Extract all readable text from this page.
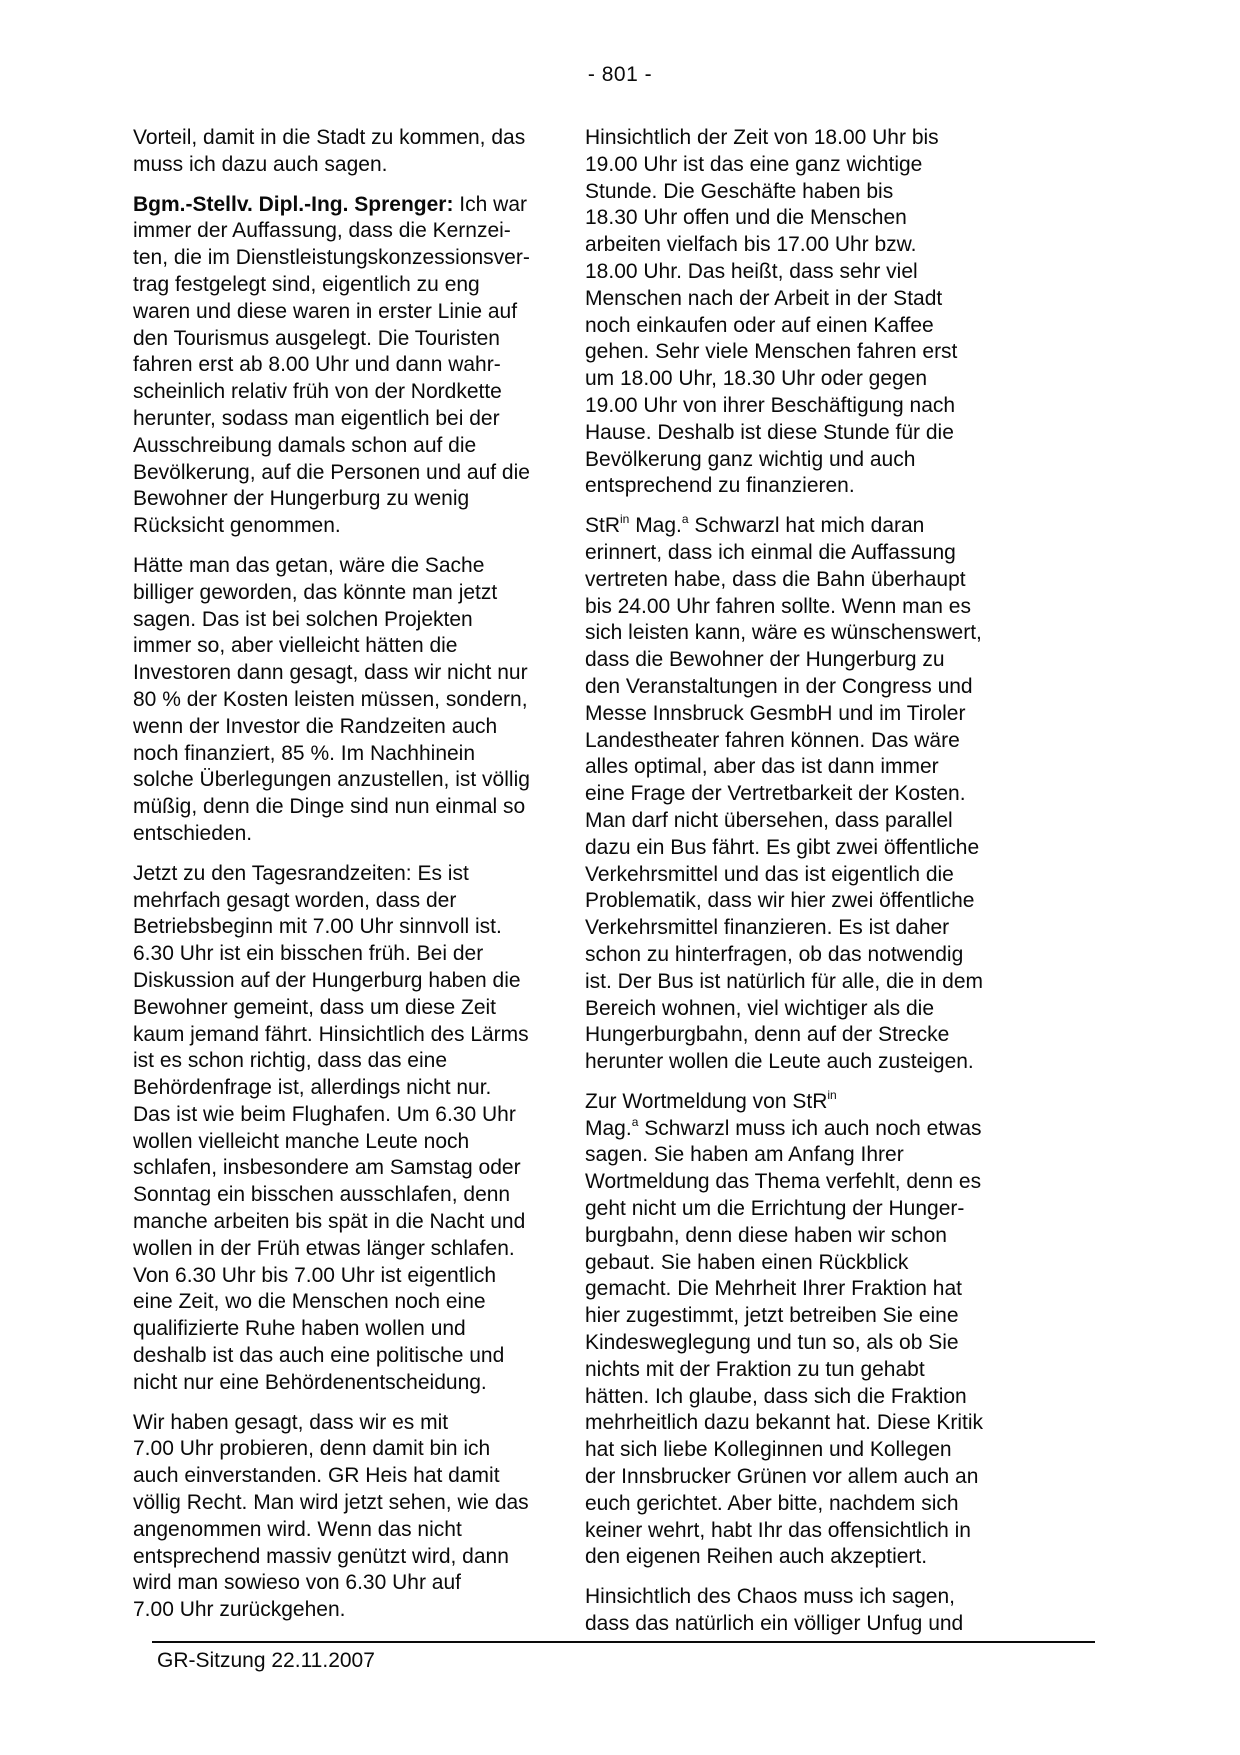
- 801 -

Vorteil, damit in die Stadt zu kommen, das
muss ich dazu auch sagen.

Bgm.-Stellv. Dipl.-Ing. Sprenger: Ich war
immer der Auffassung, dass die Kernzei-
ten, die im Dienstleistungskonzessionsver-
trag festgelegt sind, eigentlich zu eng
waren und diese waren in erster Linie auf
den Tourismus ausgelegt. Die Touristen
fahren erst ab 8.00 Uhr und dann wahr-
scheinlich relativ früh von der Nordkette
herunter, sodass man eigentlich bei der
Ausschreibung damals schon auf die
Bevölkerung, auf die Personen und auf die
Bewohner der Hungerburg zu wenig
Rücksicht genommen.

Hätte man das getan, wäre die Sache
billiger geworden, das könnte man jetzt
sagen. Das ist bei solchen Projekten
immer so, aber vielleicht hätten die
Investoren dann gesagt, dass wir nicht nur
80 % der Kosten leisten müssen, sondern,
wenn der Investor die Randzeiten auch
noch finanziert, 85 %. Im Nachhinein
solche Überlegungen anzustellen, ist völlig
müßig, denn die Dinge sind nun einmal so
entschieden.

Jetzt zu den Tagesrandzeiten: Es ist
mehrfach gesagt worden, dass der
Betriebsbeginn mit 7.00 Uhr sinnvoll ist.
6.30 Uhr ist ein bisschen früh. Bei der
Diskussion auf der Hungerburg haben die
Bewohner gemeint, dass um diese Zeit
kaum jemand fährt. Hinsichtlich des Lärms
ist es schon richtig, dass das eine
Behördenfrage ist, allerdings nicht nur.
Das ist wie beim Flughafen. Um 6.30 Uhr
wollen vielleicht manche Leute noch
schlafen, insbesondere am Samstag oder
Sonntag ein bisschen ausschlafen, denn
manche arbeiten bis spät in die Nacht und
wollen in der Früh etwas länger schlafen.
Von 6.30 Uhr bis 7.00 Uhr ist eigentlich
eine Zeit, wo die Menschen noch eine
qualifizierte Ruhe haben wollen und
deshalb ist das auch eine politische und
nicht nur eine Behördenentscheidung.

Wir haben gesagt, dass wir es mit
7.00 Uhr probieren, denn damit bin ich
auch einverstanden. GR Heis hat damit
völlig Recht. Man wird jetzt sehen, wie das
angenommen wird. Wenn das nicht
entsprechend massiv genützt wird, dann
wird man sowieso von 6.30 Uhr auf
7.00 Uhr zurückgehen.

Hinsichtlich der Zeit von 18.00 Uhr bis
19.00 Uhr ist das eine ganz wichtige
Stunde. Die Geschäfte haben bis
18.30 Uhr offen und die Menschen
arbeiten vielfach bis 17.00 Uhr bzw.
18.00 Uhr. Das heißt, dass sehr viel
Menschen nach der Arbeit in der Stadt
noch einkaufen oder auf einen Kaffee
gehen. Sehr viele Menschen fahren erst
um 18.00 Uhr, 18.30 Uhr oder gegen
19.00 Uhr von ihrer Beschäftigung nach
Hause. Deshalb ist diese Stunde für die
Bevölkerung ganz wichtig und auch
entsprechend zu finanzieren.

StR$^{in}$ Mag.$^a$ Schwarzl hat mich daran
erinnert, dass ich einmal die Auffassung
vertreten habe, dass die Bahn überhaupt
bis 24.00 Uhr fahren sollte. Wenn man es
sich leisten kann, wäre es wünschenswert,
dass die Bewohner der Hungerburg zu
den Veranstaltungen in der Congress und
Messe Innsbruck GesmbH und im Tiroler
Landestheater fahren können. Das wäre
alles optimal, aber das ist dann immer
eine Frage der Vertretbarkeit der Kosten.
Man darf nicht übersehen, dass parallel
dazu ein Bus fährt. Es gibt zwei öffentliche
Verkehrsmittel und das ist eigentlich die
Problematik, dass wir hier zwei öffentliche
Verkehrsmittel finanzieren. Es ist daher
schon zu hinterfragen, ob das notwendig
ist. Der Bus ist natürlich für alle, die in dem
Bereich wohnen, viel wichtiger als die
Hungerburgbahn, denn auf der Strecke
herunter wollen die Leute auch zusteigen.

Zur Wortmeldung von StR$^{in}$
Mag.$^a$ Schwarzl muss ich auch noch etwas
sagen. Sie haben am Anfang Ihrer
Wortmeldung das Thema verfehlt, denn es
geht nicht um die Errichtung der Hunger-
burgbahn, denn diese haben wir schon
gebaut. Sie haben einen Rückblick
gemacht. Die Mehrheit Ihrer Fraktion hat
hier zugestimmt, jetzt betreiben Sie eine
Kindesweglegung und tun so, als ob Sie
nichts mit der Fraktion zu tun gehabt
hätten. Ich glaube, dass sich die Fraktion
mehrheitlich dazu bekannt hat. Diese Kritik
hat sich liebe Kolleginnen und Kollegen
der Innsbrucker Grünen vor allem auch an
euch gerichtet. Aber bitte, nachdem sich
keiner wehrt, habt Ihr das offensichtlich in
den eigenen Reihen auch akzeptiert.

Hinsichtlich des Chaos muss ich sagen,
dass das natürlich ein völliger Unfug und

GR-Sitzung 22.11.2007
